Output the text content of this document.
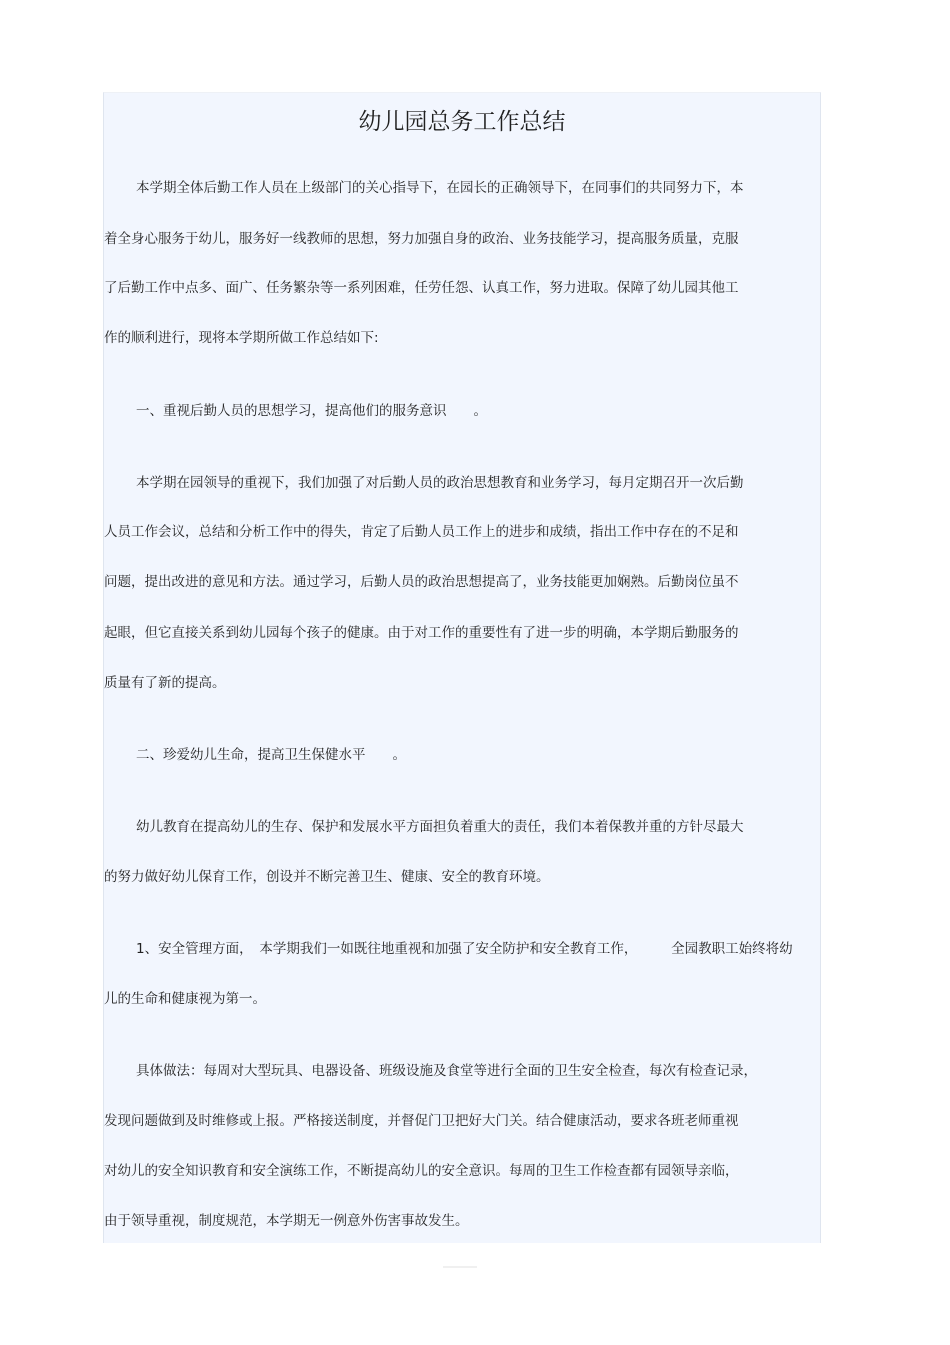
幼儿园总务工作总结
本学期全体后勤工作人员在上级部门的关心指导下，在园长的正确领导下，在同事们的共同努力下，本
着全身心服务于幼儿，服务好一线教师的思想，努力加强自身的政治、业务技能学习，提高服务质量，克服
了后勤工作中点多、面广、任务繁杂等一系列困难，任劳任怨、认真工作，努力进取。保障了幼儿园其他工
作的顺利进行，现将本学期所做工作总结如下:
一、重视后勤人员的思想学习，提高他们的服务意识　　。
本学期在园领导的重视下，我们加强了对后勤人员的政治思想教育和业务学习，每月定期召开一次后勤
人员工作会议，总结和分析工作中的得失，肯定了后勤人员工作上的进步和成绩，指出工作中存在的不足和
问题，提出改进的意见和方法。通过学习，后勤人员的政治思想提高了，业务技能更加娴熟。后勤岗位虽不
起眼，但它直接关系到幼儿园每个孩子的健康。由于对工作的重要性有了进一步的明确，本学期后勤服务的
质量有了新的提高。
二、珍爱幼儿生命，提高卫生保健水平　　。
幼儿教育在提高幼儿的生存、保护和发展水平方面担负着重大的责任，我们本着保教并重的方针尽最大
的努力做好幼儿保育工作，创设并不断完善卫生、健康、安全的教育环境。
1、安全管理方面，　本学期我们一如既往地重视和加强了安全防护和安全教育工作，　　　全园教职工始终将幼
儿的生命和健康视为第一。
具体做法：每周对大型玩具、电器设备、班级设施及食堂等进行全面的卫生安全检查，每次有检查记录，
发现问题做到及时维修或上报。严格接送制度，并督促门卫把好大门关。结合健康活动，要求各班老师重视
对幼儿的安全知识教育和安全演练工作，不断提高幼儿的安全意识。每周的卫生工作检查都有园领导亲临，
由于领导重视，制度规范，本学期无一例意外伤害事故发生。
